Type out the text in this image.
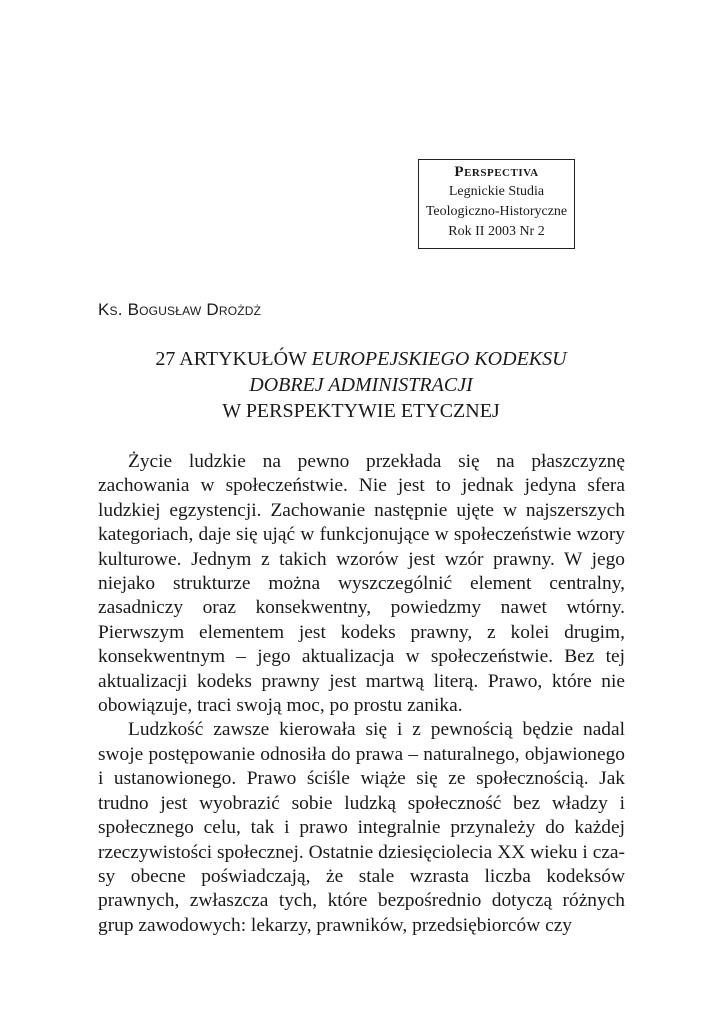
Perspectiva
Legnickie Studia
Teologiczno-Historyczne
Rok II 2003 Nr 2
Ks. Bogusław Drożdż
27 ARTYKUŁÓW EUROPEJSKIEGO KODEKSU
DOBREJ ADMINISTRACJI
W PERSPEKTYWIE ETYCZNEJ

Życie ludzkie na pewno przekłada się na płaszczyznę zachowania w społeczeństwie. Nie jest to jednak jedyna sfera ludzkiej egzystencji. Zachowanie następnie ujęte w najszerszych kategoriach, daje się ująć w funkcjonujące w społeczeństwie wzory kulturowe. Jednym z takich wzorów jest wzór prawny. W jego niejako strukturze można wyszczególnić element centralny, zasadniczy oraz konsekwentny, powiedzmy nawet wtórny. Pierwszym elementem jest kodeks prawny, z kolei drugim, konsekwentnym – jego aktualizacja w społeczeństwie. Bez tej aktualizacji kodeks prawny jest martwą literą. Prawo, które nie obowiązuje, traci swoją moc, po prostu zanika.

Ludzkość zawsze kierowała się i z pewnością będzie nadal swoje postępowanie odnosiła do prawa – naturalnego, objawionego i ustanowionego. Prawo ściśle wiąże się ze społecznością. Jak trudno jest wyobrazić sobie ludzką społeczność bez władzy i społecznego celu, tak i prawo integralnie przynależy do każdej rzeczywistości społecznej. Ostatnie dziesięciolecia XX wieku i cza-sy obecne poświadczają, że stale wzrasta liczba kodeksów prawnych, zwłaszcza tych, które bezpośrednio dotyczą różnych grup zawodowych: lekarzy, prawników, przedsiębiorców czy
